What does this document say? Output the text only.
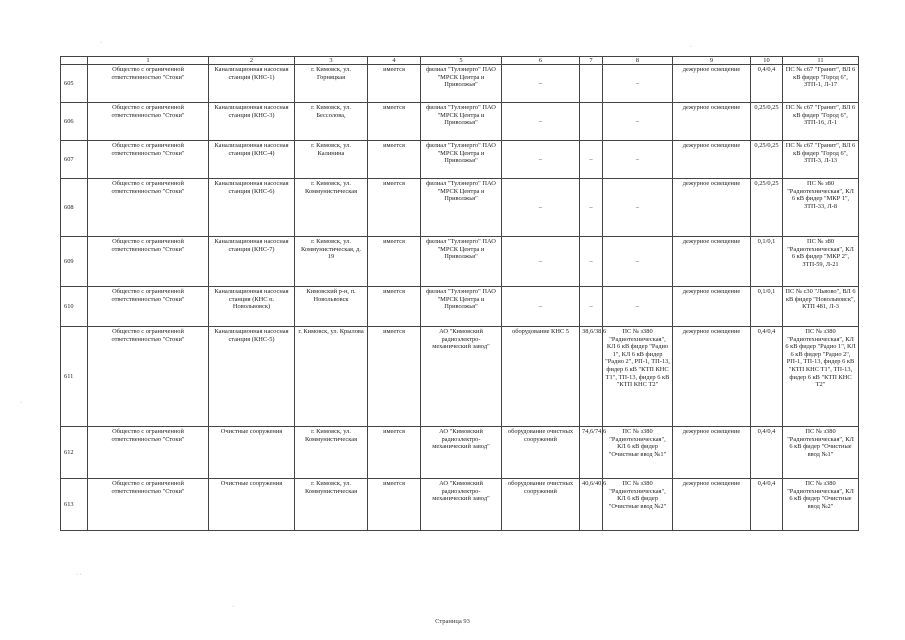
	1	2	3	4	5	6	7	8	9	10	11
605	Общество с ограниченной ответственностью "Стоки"	Канализационная насосная станция (КНС-1)	г. Кимовск, ул. Горняцкая	имеется	филиал "Тулэнерго" ПАО "МРСК Центра и Приволжья"	–		–	дежурное освещение	0,4/0,4	ПС № с67 "Гранит", ВЛ 6 кВ фидер "Город 6", ЗТП-1, Л-17
606	Общество с ограниченной ответственностью "Стоки"	Канализационная насосная станция (КНС-3)	г. Кимовск, ул. Бессолова,	имеется	филиал "Тулэнерго" ПАО "МРСК Центра и Приволжья"	–		–	дежурное освещение	0,25/0,25	ПС № с67 "Гранит", ВЛ 6 кВ фидер "Город 6", ЗТП-16, Л-1
607	Общество с ограниченной ответственностью "Стоки"	Канализационная насосная станция (КНС-4)	г. Кимовск, ул. Калинина	имеется	филиал "Тулэнерго" ПАО "МРСК Центра и Приволжья"	–	–	–	дежурное освещение	0,25/0,25	ПС № с67 "Гранит", ВЛ 6 кВ фидер "Город 6", ЗТП-3, Л-13
608	Общество с ограниченной ответственностью "Стоки"	Канализационная насосная станция (КНС-6)	г. Кимовск, ул. Коммунистическая	имеется	филиал "Тулэнерго" ПАО "МРСК Центра и Приволжья"	–	–	–	дежурное освещение	0,25/0,25	ПС № з80 "Радиотехническая", КЛ 6 кВ фидер "МКР 1", ЗТП-33, Л-8
609	Общество с ограниченной ответственностью "Стоки"	Канализационная насосная станция (КНС-7)	г. Кимовск, ул. Коммунистическая, д. 19	имеется	филиал "Тулэнерго" ПАО "МРСК Центра и Приволжья"	–	–	–	дежурное освещение	0,1/0,1	ПС № з80 "Радиотехническая", КЛ 6 кВ фидер "МКР 2", ЗТП-59, Л-21
610	Общество с ограниченной ответственностью "Стоки"	Канализационная насосная станция (КНС п. Новольвовск)	Кимовский р-н, п. Новольвовск	имеется	филиал "Тулэнерго" ПАО "МРСК Центра и Приволжья"	–	–	–	дежурное освещение	0,1/0,1	ПС № с30 "Львово", ВЛ 6 кВ фидер "Новольвовск", КТП 481, Л-3
611	Общество с ограниченной ответственностью "Стоки"	Канализационная насосная станция (КНС-5)	г. Кимовск, ул. Крылова	имеется	АО "Кимовский радиоэлектро-механический завод"	оборудование КНС 5	38,6/38,6	ПС № з380 "Радиотехническая", КЛ 6 кВ фидер "Радио 1", КЛ 6 кВ фидер "Радио 2", РП-1, ТП-13, фидер 6 кВ "КТП КНС Т1", ТП-13, фидер 6 кВ "КТП КНС Т2"	дежурное освещение	0,4/0,4	ПС № з380 "Радиотехническая", КЛ 6 кВ фидер "Радио 1", КЛ 6 кВ фидер "Радио 2", РП-1, ТП-13, фидер 6 кВ "КТП КНС Т1", ТП-13, фидер 6 кВ "КТП КНС Т2"
612	Общество с ограниченной ответственностью "Стоки"	Очистные сооружения	г. Кимовск, ул. Коммунистическая	имеется	АО "Кимовский радиоэлектро-механический завод"	оборудование очистных сооружений	74,6/74,6	ПС № з380 "Радиотехническая", КЛ 6 кВ фидер "Очистные ввод №1"	дежурное освещение	0,4/0,4	ПС № з380 "Радиотехническая", КЛ 6 кВ фидер "Очистные ввод №1"
613	Общество с ограниченной ответственностью "Стоки"	Очистные сооружения	г. Кимовск, ул. Коммунистическая	имеется	АО "Кимовский радиоэлектро-механический завод"	оборудование очистных сооружений	40,6/40,6	ПС № з380 "Радиотехническая", КЛ 6 кВ фидер "Очистные ввод №2"	дежурное освещение	0,4/0,4	ПС № з380 "Радиотехническая", КЛ 6 кВ фидер "Очистные ввод №2"
Страница 93
·
·
·
·
· ·
